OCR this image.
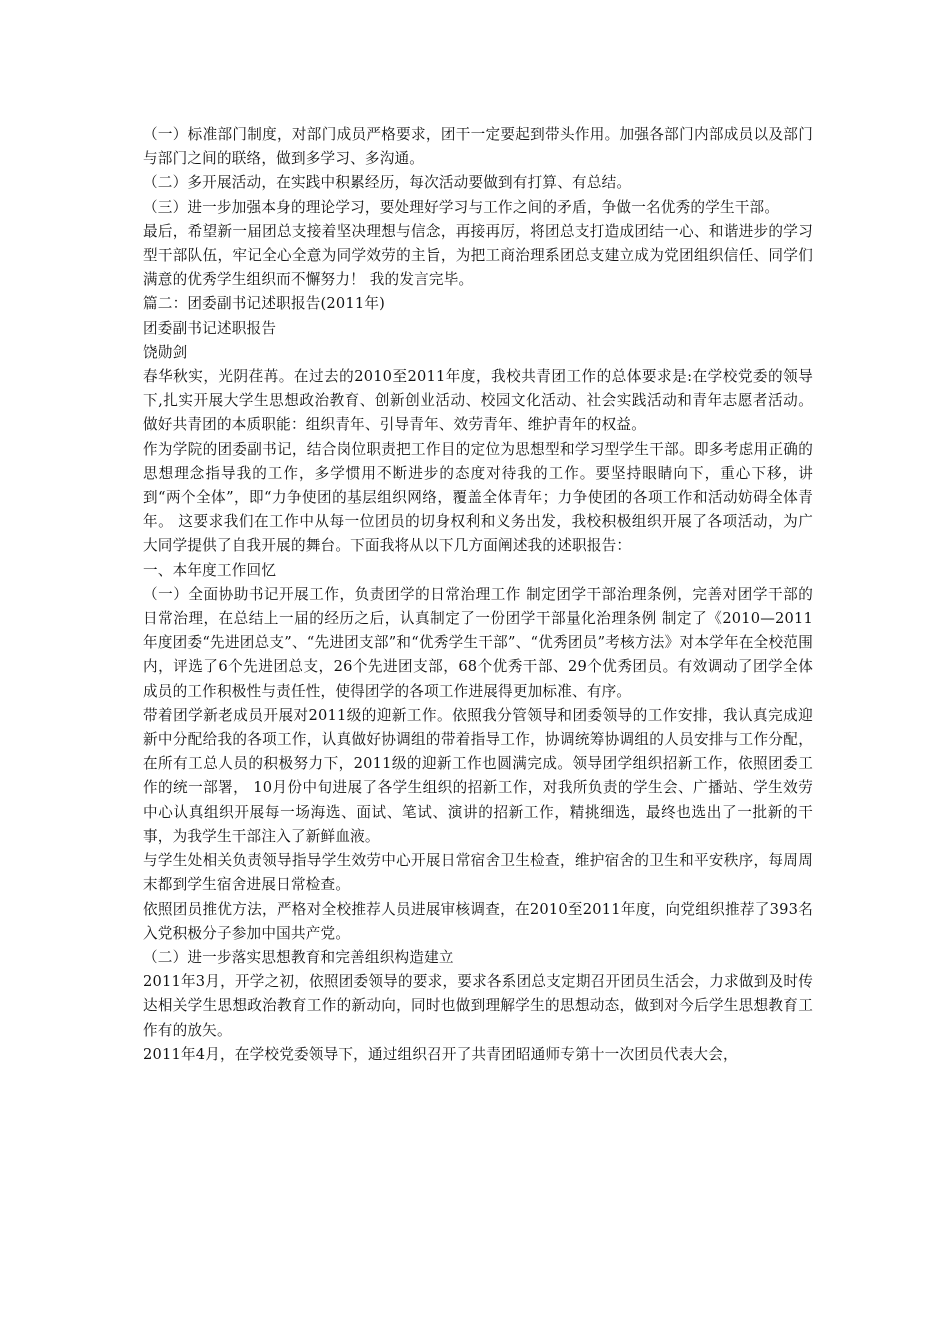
（一）标准部门制度，对部门成员严格要求，团干一定要起到带头作用。加强各部门内部成员以及部门与部门之间的联络，做到多学习、多沟通。

（二）多开展活动，在实践中积累经历，每次活动要做到有打算、有总结。

（三）进一步加强本身的理论学习，要处理好学习与工作之间的矛盾，争做一名优秀的学生干部。

最后，希望新一届团总支接着坚决理想与信念，再接再厉，将团总支打造成团结一心、和谐进步的学习型干部队伍，牢记全心全意为同学效劳的主旨，为把工商治理系团总支建立成为党团组织信任、同学们满意的优秀学生组织而不懈努力！ 我的发言完毕。

篇二：团委副书记述职报告(2011年)

团委副书记述职报告

饶勋剑

春华秋实，光阴荏苒。在过去的2010至2011年度，我校共青团工作的总体要求是:在学校党委的领导下,扎实开展大学生思想政治教育、创新创业活动、校园文化活动、社会实践活动和青年志愿者活动。做好共青团的本质职能：组织青年、引导青年、效劳青年、维护青年的权益。

作为学院的团委副书记，结合岗位职责把工作目的定位为思想型和学习型学生干部。即多考虑用正确的思想理念指导我的工作，多学惯用不断进步的态度对待我的工作。要坚持眼睛向下，重心下移，讲到“两个全体”，即“力争使团的基层组织网络，覆盖全体青年；力争使团的各项工作和活动妨碍全体青年。 这要求我们在工作中从每一位团员的切身权利和义务出发，我校积极组织开展了各项活动，为广大同学提供了自我开展的舞台。下面我将从以下几方面阐述我的述职报告：

一、本年度工作回忆

（一）全面协助书记开展工作，负责团学的日常治理工作 制定团学干部治理条例，完善对团学干部的日常治理，在总结上一届的经历之后，认真制定了一份团学干部量化治理条例 制定了《2010—2011年度团委“先进团总支”、“先进团支部”和“优秀学生干部”、“优秀团员”考核方法》对本学年在全校范围内，评选了6个先进团总支，26个先进团支部，68个优秀干部、29个优秀团员。有效调动了团学全体成员的工作积极性与责任性，使得团学的各项工作进展得更加标准、有序。

带着团学新老成员开展对2011级的迎新工作。依照我分管领导和团委领导的工作安排，我认真完成迎新中分配给我的各项工作，认真做好协调组的带着指导工作，协调统筹协调组的人员安排与工作分配，在所有工总人员的积极努力下，2011级的迎新工作也圆满完成。领导团学组织招新工作，依照团委工作的统一部署， 10月份中旬进展了各学生组织的招新工作，对我所负责的学生会、广播站、学生效劳中心认真组织开展每一场海选、面试、笔试、演讲的招新工作，精挑细选，最终也选出了一批新的干事，为我学生干部注入了新鲜血液。

与学生处相关负责领导指导学生效劳中心开展日常宿舍卫生检查，维护宿舍的卫生和平安秩序，每周周末都到学生宿舍进展日常检查。

依照团员推优方法，严格对全校推荐人员进展审核调查，在2010至2011年度，向党组织推荐了393名入党积极分子参加中国共产党。

（二）进一步落实思想教育和完善组织构造建立

2011年3月，开学之初，依照团委领导的要求，要求各系团总支定期召开团员生活会，力求做到及时传达相关学生思想政治教育工作的新动向，同时也做到理解学生的思想动态，做到对今后学生思想教育工作有的放矢。

2011年4月，在学校党委领导下，通过组织召开了共青团昭通师专第十一次团员代表大会，
